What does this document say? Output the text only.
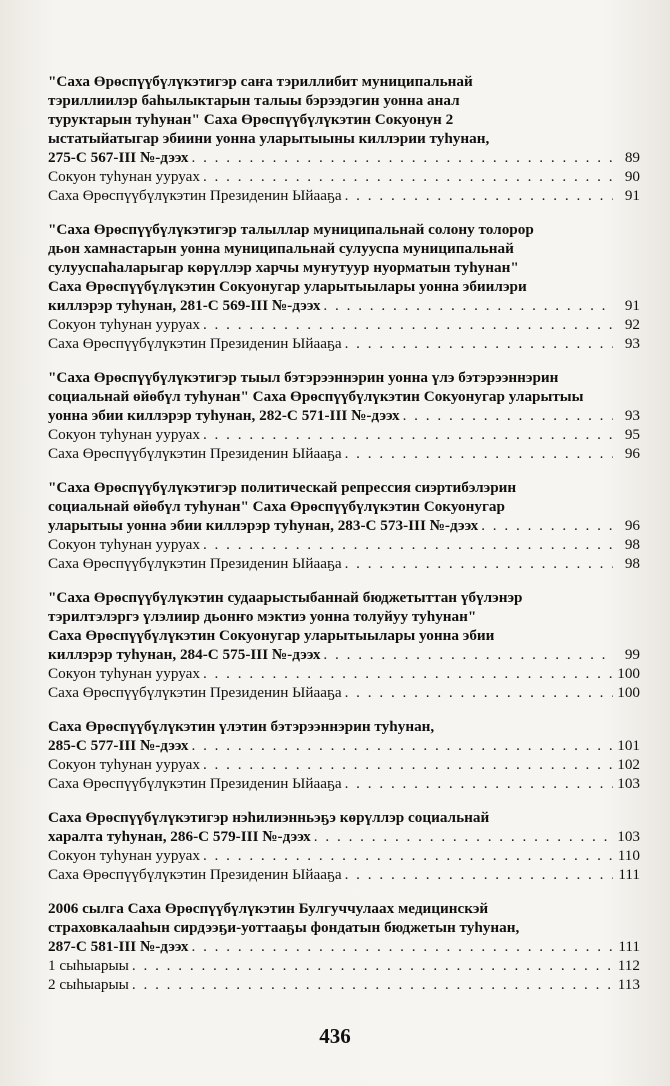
"Саха Өрөспүүбүлүкэтигэр саҥа тэриллибит муниципальнай
тэриллиилэр баһылыктарын талыы бэрээдэгин уонна анал
туруктарын туһунан" Саха Өрөспүүбүлүкэтин Сокуонун 2
ыстатыйатыгар эбиини уонна уларытыыны киллэрии туһунан,
275-С 567-III №-дээх . . .	89
Сокуон туһунан ууруах . . .	90
Саха Өрөспүүбүлүкэтин Президенин Ыйааҕа . . .	91
"Саха Өрөспүүбүлүкэтигэр талыллар муниципальнай солону толорор
дьон хамнастарын уонна муниципальнай сулууспа муниципальнай
сулууспаһаларыгар көрүллэр харчы муҥутуур нуорматын туһунан"
Саха Өрөспүүбүлүкэтин Сокуонугар уларытыылары уонна эбиилэри
киллэрэр туһунан, 281-С 569-III №-дээх . . .	91
Сокуон туһунан ууруах . . .	92
Саха Өрөспүүбүлүкэтин Президенин Ыйааҕа . . .	93
"Саха Өрөспүүбүлүкэтигэр тыыл бэтэрээннэрин уонна үлэ бэтэрээннэрин
социальнай өйөбүл туһунан" Саха Өрөспүүбүлүкэтин Сокуонугар уларытыы
уонна эбии киллэрэр туһунан, 282-С 571-III №-дээх . . .	93
Сокуон туһунан ууруах . . .	95
Саха Өрөспүүбүлүкэтин Президенин Ыйааҕа . . .	96
"Саха Өрөспүүбүлүкэтигэр политическай репрессия сиэртибэлэрин
социальнай өйөбүл туһунан" Саха Өрөспүүбүлүкэтин Сокуонугар
уларытыы уонна эбии киллэрэр туһунан, 283-С 573-III №-дээх . . .	96
Сокуон туһунан ууруах . . .	98
Саха Өрөспүүбүлүкэтин Президенин Ыйааҕа . . .	98
"Саха Өрөспүүбүлүкэтин судаарыстыбаннай бюджетыттан үбүлэнэр
тэрилтэлэргэ үлэлиир дьонҥо мэктиэ уонна толуйуу туһунан"
Саха Өрөспүүбүлүкэтин Сокуонугар уларытыылары уонна эбии
киллэрэр туһунан, 284-С 575-III №-дээх . . .	99
Сокуон туһунан ууруах . . .	100
Саха Өрөспүүбүлүкэтин Президенин Ыйааҕа . . .	100
Саха Өрөспүүбүлүкэтин үлэтин бэтэрээннэрин туһунан,
285-С 577-III №-дээх . . .	101
Сокуон туһунан ууруах . . .	102
Саха Өрөспүүбүлүкэтин Президенин Ыйааҕа . . .	103
Саха Өрөспүүбүлүкэтигэр нэһилиэнньэҕэ көрүллэр социальнай
харалта туһунан, 286-С 579-III №-дээх . . .	103
Сокуон туһунан ууруах . . .	110
Саха Өрөспүүбүлүкэтин Президенин Ыйааҕа . . .	111
2006 сылга Саха Өрөспүүбүлүкэтин Булгуччулаах медицинскэй
страховкалааһын сирдээҕи-уоттааҕы фондатын бюджетын туһунан,
287-С 581-III №-дээх . . .	111
1 сыһыарыы . . .	112
2 сыһыарыы . . .	113
436
